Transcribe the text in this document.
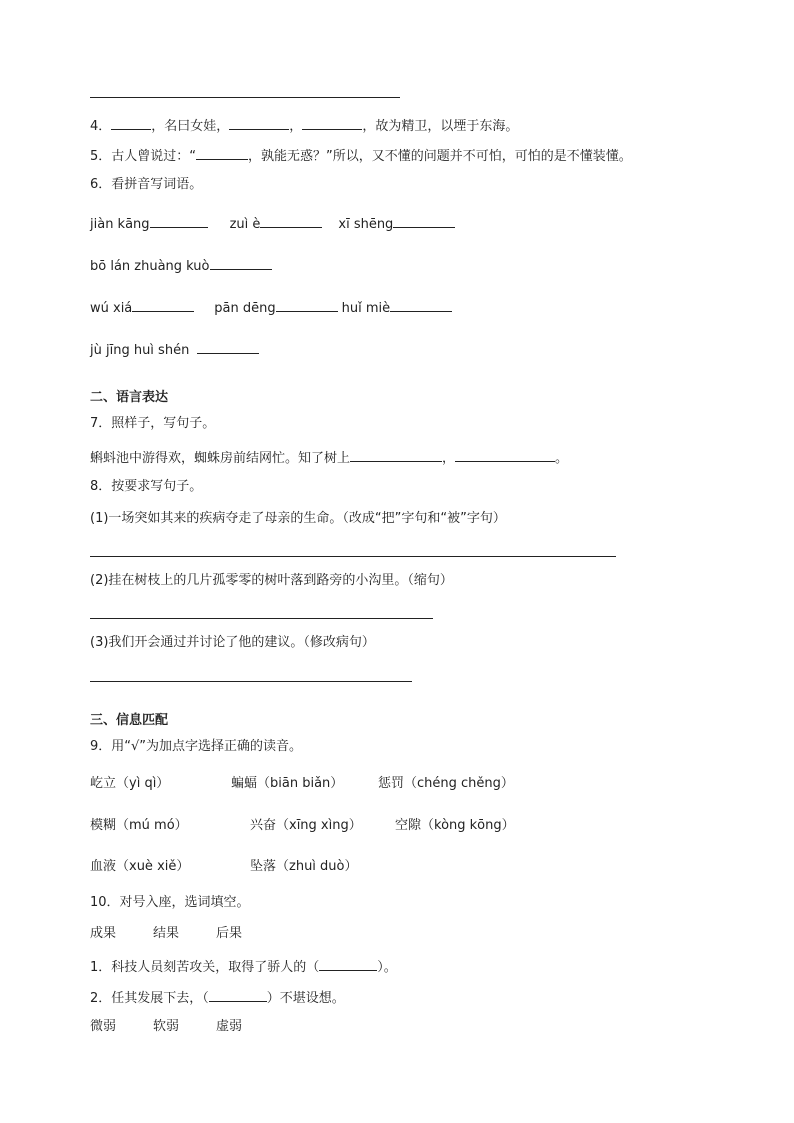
4．	，名曰女娃，	，	，故为精卫，以堙于东海。
5．古人曾说过：“	，孰能无惑？”所以，又不懂的问题并不可怕，可怕的是不懂装懂。
6．看拼音写词语。
jiàn kāng	zuì è	xī shēng
bō lán zhuàng kuò
wú xiá	pān dēng	huǐ miè
jù jīng huì shén
二、语言表达
7．照样子，写句子。
蝌蚪池中游得欢，蜘蛛房前结网忙。知了树上	，	。
8．按要求写句子。
(1)一场突如其来的疾病夺走了母亲的生命。（改成“把”字句和“被”字句）
(2)挂在树枝上的几片孤零零的树叶落到路旁的小沟里。（缩句）
(3)我们开会通过并讨论了他的建议。（修改病句）
三、信息匹配
9．用“√”为加点字选择正确的读音。
屹立（yì qì）	蝙蝠（biān biǎn）	惩罚（chéng chěng）
模糊（mú mó）	兴奋（xīng xìng）	空隙（kòng kōng）
血液（xuè xiě）	坠落（zhuì duò）
10．对号入座，选词填空。
成果	结果	后果
1．科技人员刻苦攻关，取得了骄人的（	）。
2．任其发展下去，（	）不堪设想。
微弱	软弱	虚弱
